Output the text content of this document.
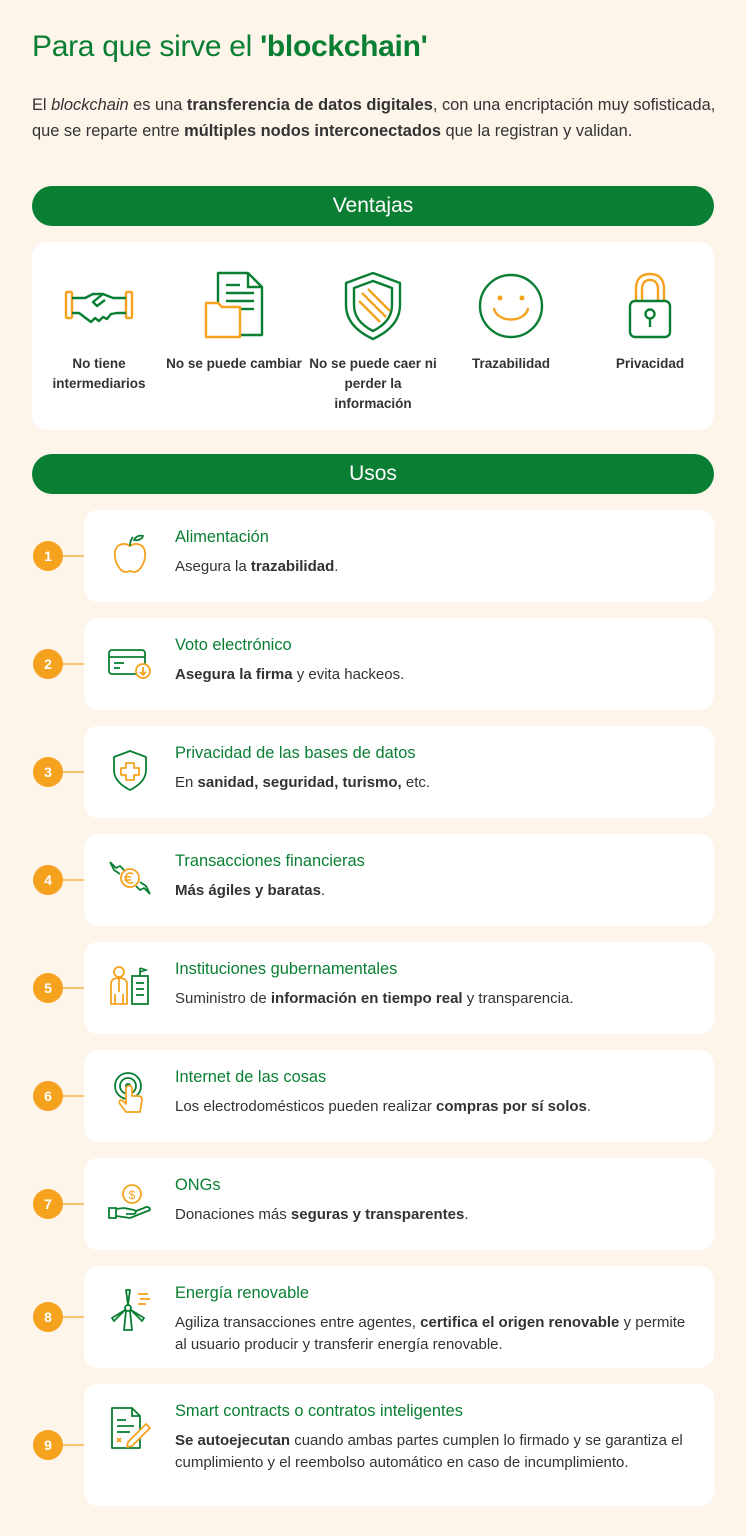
Para que sirve el 'blockchain'

El blockchain es una transferencia de datos digitales, con una encriptación muy sofisticada, que se reparte entre múltiples nodos interconectados que la registran y validan.

Ventajas
No tiene intermediarios
No se puede cambiar No se puede caer ni perder la información
Trazabilidad	Privacidad
Usos
1
Alimentación
Asegura la trazabilidad.
2
Voto electrónico
Asegura la firma y evita hackeos.
3
Privacidad de las bases de datos
En sanidad, seguridad, turismo, etc.
4
Transacciones financieras
Más ágiles y baratas.
5
Instituciones gubernamentales
Suministro de información en tiempo real y transparencia.
6
Internet de las cosas
Los electrodomésticos pueden realizar compras por sí solos.
7
$
ONGs
Donaciones más seguras y transparentes.
8
Energía renovable
Agiliza transacciones entre agentes, certifica el origen renovable y permite al usuario producir y transferir energía renovable.
9
Smart contracts o contratos inteligentes
Se autoejecutan cuando ambas partes cumplen lo firmado y se garantiza el cumplimiento y el reembolso automático en caso de incumplimiento.
